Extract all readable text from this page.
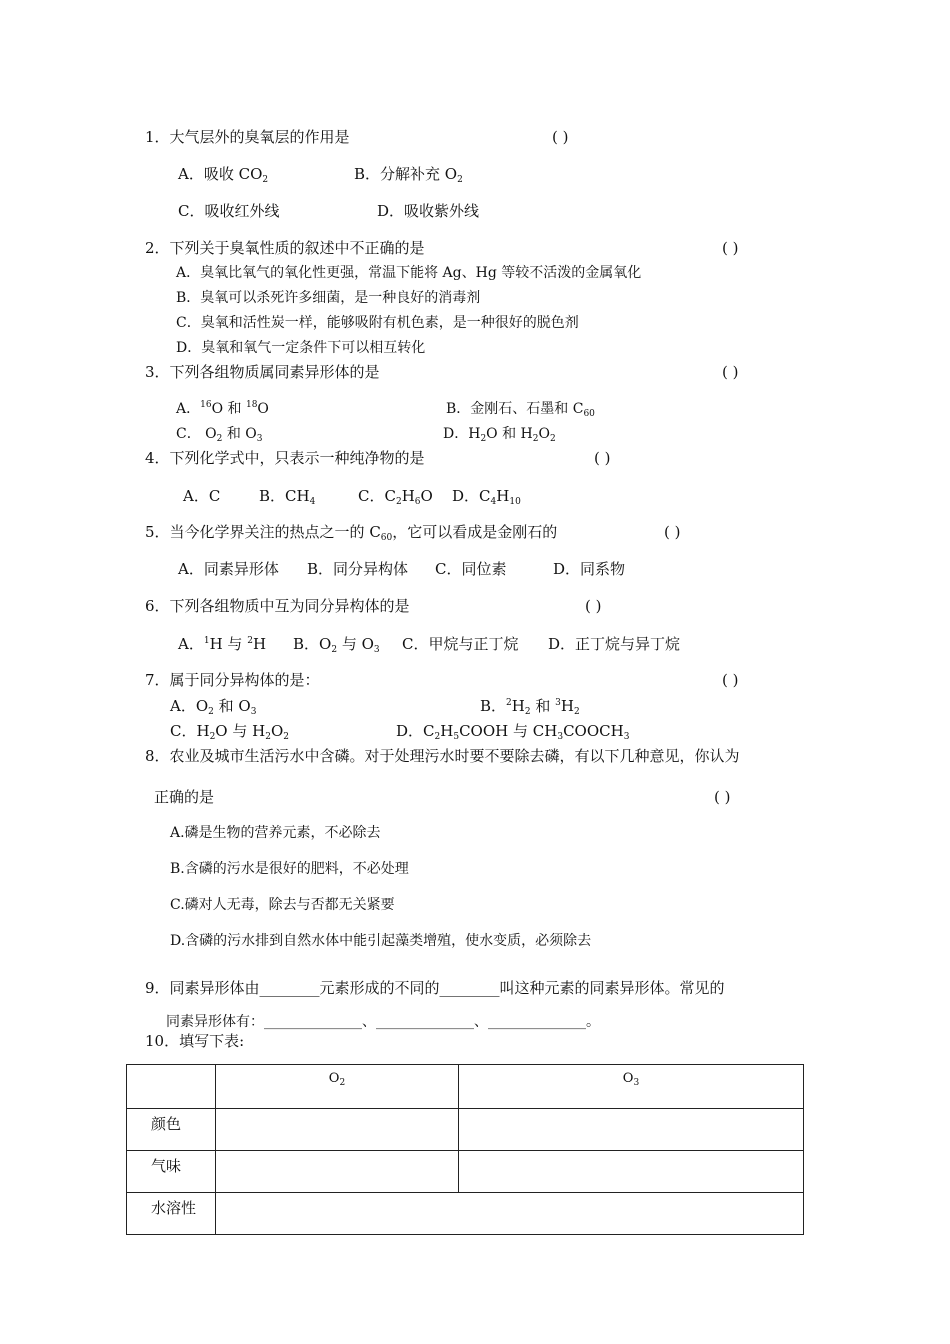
1．大气层外的臭氧层的作用是	( )
A．吸收 $CO_2$	B．分解补充 $O_2$
C．吸收红外线	D．吸收紫外线
2．下列关于臭氧性质的叙述中不正确的是	( )
A．臭氧比氧气的氧化性更强，常温下能将 Ag、Hg 等较不活泼的金属氧化
B．臭氧可以杀死许多细菌，是一种良好的消毒剂
C．臭氧和活性炭一样，能够吸附有机色素，是一种很好的脱色剂
D．臭氧和氧气一定条件下可以相互转化
3．下列各组物质属同素异形体的是	( )
A．$^{16}$O 和 $^{18}$O	B．金刚石、石墨和 $C_{60}$
C． $O_2$ 和 $O_3$	D．$H_2O$ 和 $H_2O_2$
4．下列化学式中，只表示一种纯净物的是	( )
A．C	B．$CH_4$	C．$C_2H_6O$ D．$C_4H_{10}$
5．当今化学界关注的热点之一的 $C_{60}$，它可以看成是金刚石的	( )
A．同素异形体 B．同分异构体 C．同位素	D．同系物
6．下列各组物质中互为同分异构体的是	( )
A．$^1$H 与 $^2$H B．$O_2$ 与 $O_3$ C．甲烷与正丁烷 D．正丁烷与异丁烷
7．属于同分异构体的是：	( )
A．$O_2$ 和 $O_3$	B．$^2H_2$ 和 $^3H_2$
C．$H_2O$ 与 $H_2O_2$	D．$C_2H_5COOH$ 与 $CH_3COOCH_3$
8．农业及城市生活污水中含磷。对于处理污水时要不要除去磷，有以下几种意见，你认为
正确的是	( )
A.磷是生物的营养元素，不必除去
B.含磷的污水是很好的肥料，不必处理
C.磷对人无毒，除去与否都无关紧要
D.含磷的污水排到自然水体中能引起藻类增殖，使水变质，必须除去
9．同素异形体由________元素形成的不同的________叫这种元素的同素异形体。常见的
同素异形体有：______________、______________、______________。
10．填写下表:
	$O_2$	$O_3$
颜色		
气味		
水溶性		
